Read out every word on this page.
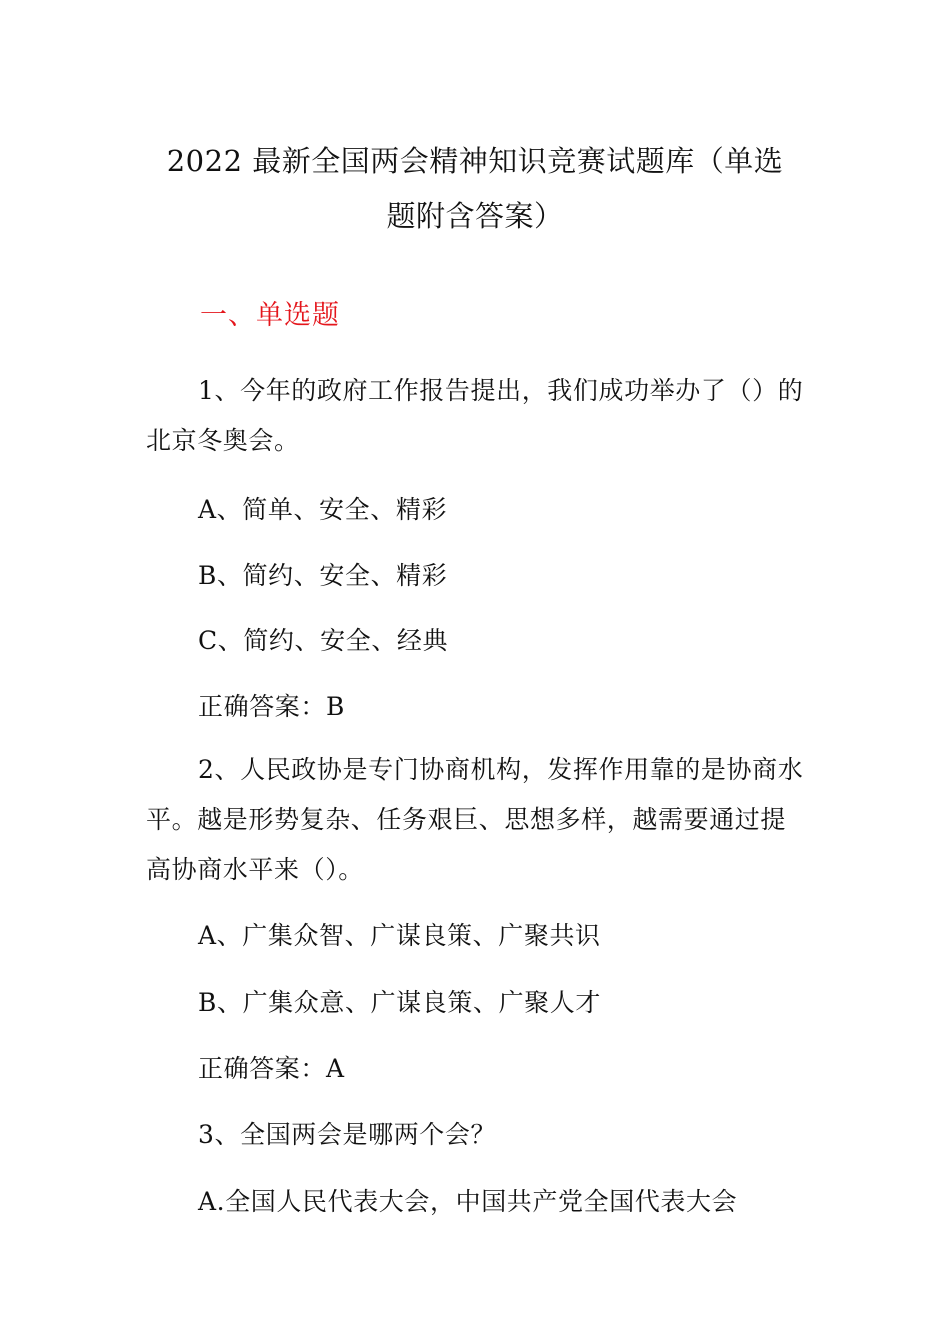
2022 最新全国两会精神知识竞赛试题库（单选
题附含答案）
一、单选题
1、今年的政府工作报告提出，我们成功举办了（）的
北京冬奥会。
A、简单、安全、精彩
B、简约、安全、精彩
C、简约、安全、经典
正确答案：B
2、人民政协是专门协商机构，发挥作用靠的是协商水
平。越是形势复杂、任务艰巨、思想多样，越需要通过提
高协商水平来（）。
A、广集众智、广谋良策、广聚共识
B、广集众意、广谋良策、广聚人才
正确答案：A
3、全国两会是哪两个会？
A.全国人民代表大会，中国共产党全国代表大会
